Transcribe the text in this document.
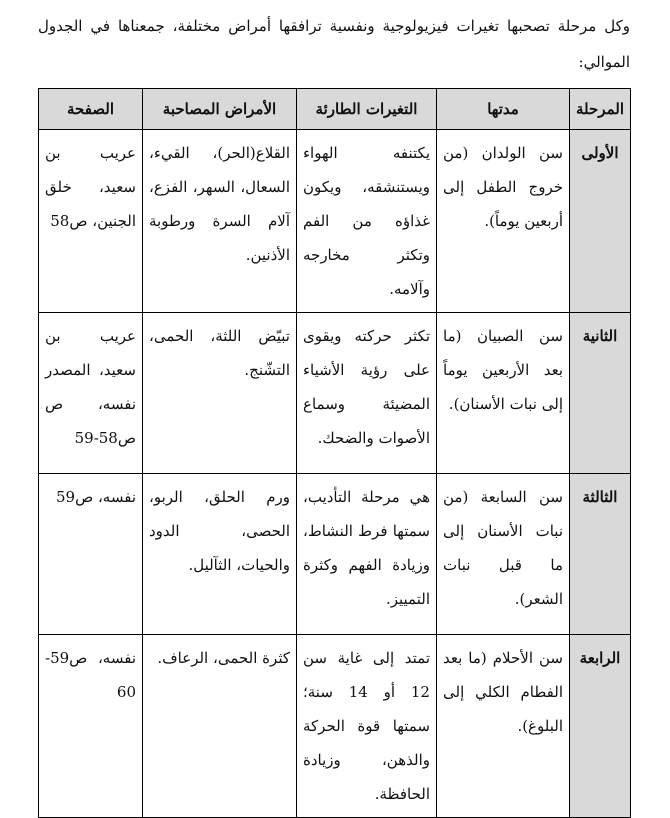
وكل مرحلة تصحبها تغيرات فيزيولوجية ونفسية ترافقها أمراض مختلفة، جمعناها في الجدول الموالي:

المرحلة	مدتها	التغيرات الطارئة	الأمراض المصاحبة	الصفحة
الأولى	سن الولدان (من خروج الطفل إلى أربعين يوماً).	يكتنفه الهواء ويستنشقه، ويكون غذاؤه من الفم وتكثر مخارجه وآلامه.	القلاع(الحر)، القيء، السعال، السهر، الفزع، آلام السرة ورطوبة الأذنين.	عريب بن سعيد، خلق الجنين، ص58
الثانية	سن الصبيان (ما بعد الأربعين يوماً إلى نبات الأسنان).	تكثر حركته ويقوى على رؤية الأشياء المضيئة وسماع الأصوات والضحك.	تبيّض اللثة، الحمى، التشّنج.	عريب بن سعيد، المصدر نفسه، ص ص58-59
الثالثة	سن السابعة (من نبات الأسنان إلى ما قبل نبات الشعر).	هي مرحلة التأديب، سمتها فرط النشاط، وزيادة الفهم وكثرة التمييز.	ورم الحلق، الربو، الحصى، الدود والحيات، الثآليل.	نفسه، ص59
الرابعة	سن الأحلام (ما بعد الفطام الكلي إلى البلوغ).	تمتد إلى غاية سن 12 أو 14 سنة؛ سمتها قوة الحركة والذهن، وزيادة الحافظة.	كثرة الحمى، الرعاف.	نفسه، ص59-60
